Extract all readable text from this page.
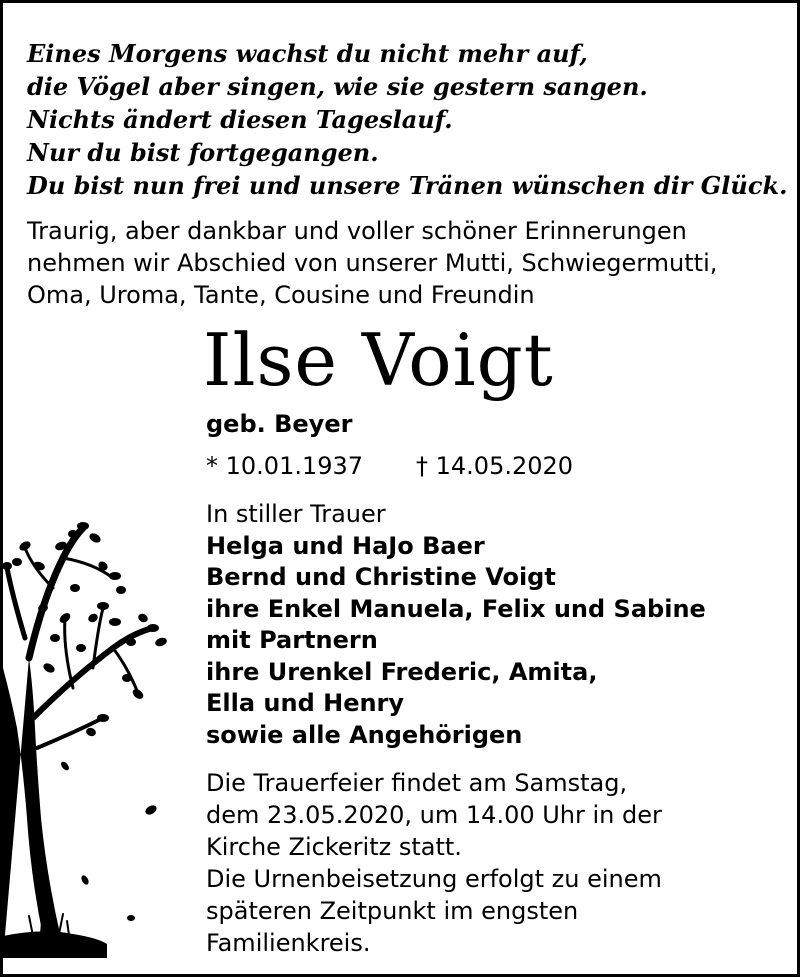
Eines Morgens wachst du nicht mehr auf,
die Vögel aber singen, wie sie gestern sangen.
Nichts ändert diesen Tageslauf.
Nur du bist fortgegangen.
Du bist nun frei und unsere Tränen wünschen dir Glück.
Traurig, aber dankbar und voller schöner Erinnerungen
nehmen wir Abschied von unserer Mutti, Schwiegermutti,
Oma, Uroma, Tante, Cousine und Freundin
Ilse Voigt
geb. Beyer
* 10.01.1937 † 14.05.2020
In stiller Trauer
Helga und HaJo Baer
Bernd und Christine Voigt
ihre Enkel Manuela, Felix und Sabine
mit Partnern
ihre Urenkel Frederic, Amita,
Ella und Henry
sowie alle Angehörigen
Die Trauerfeier findet am Samstag,
dem 23.05.2020, um 14.00 Uhr in der
Kirche Zickeritz statt.
Die Urnenbeisetzung erfolgt zu einem
späteren Zeitpunkt im engsten
Familienkreis.
